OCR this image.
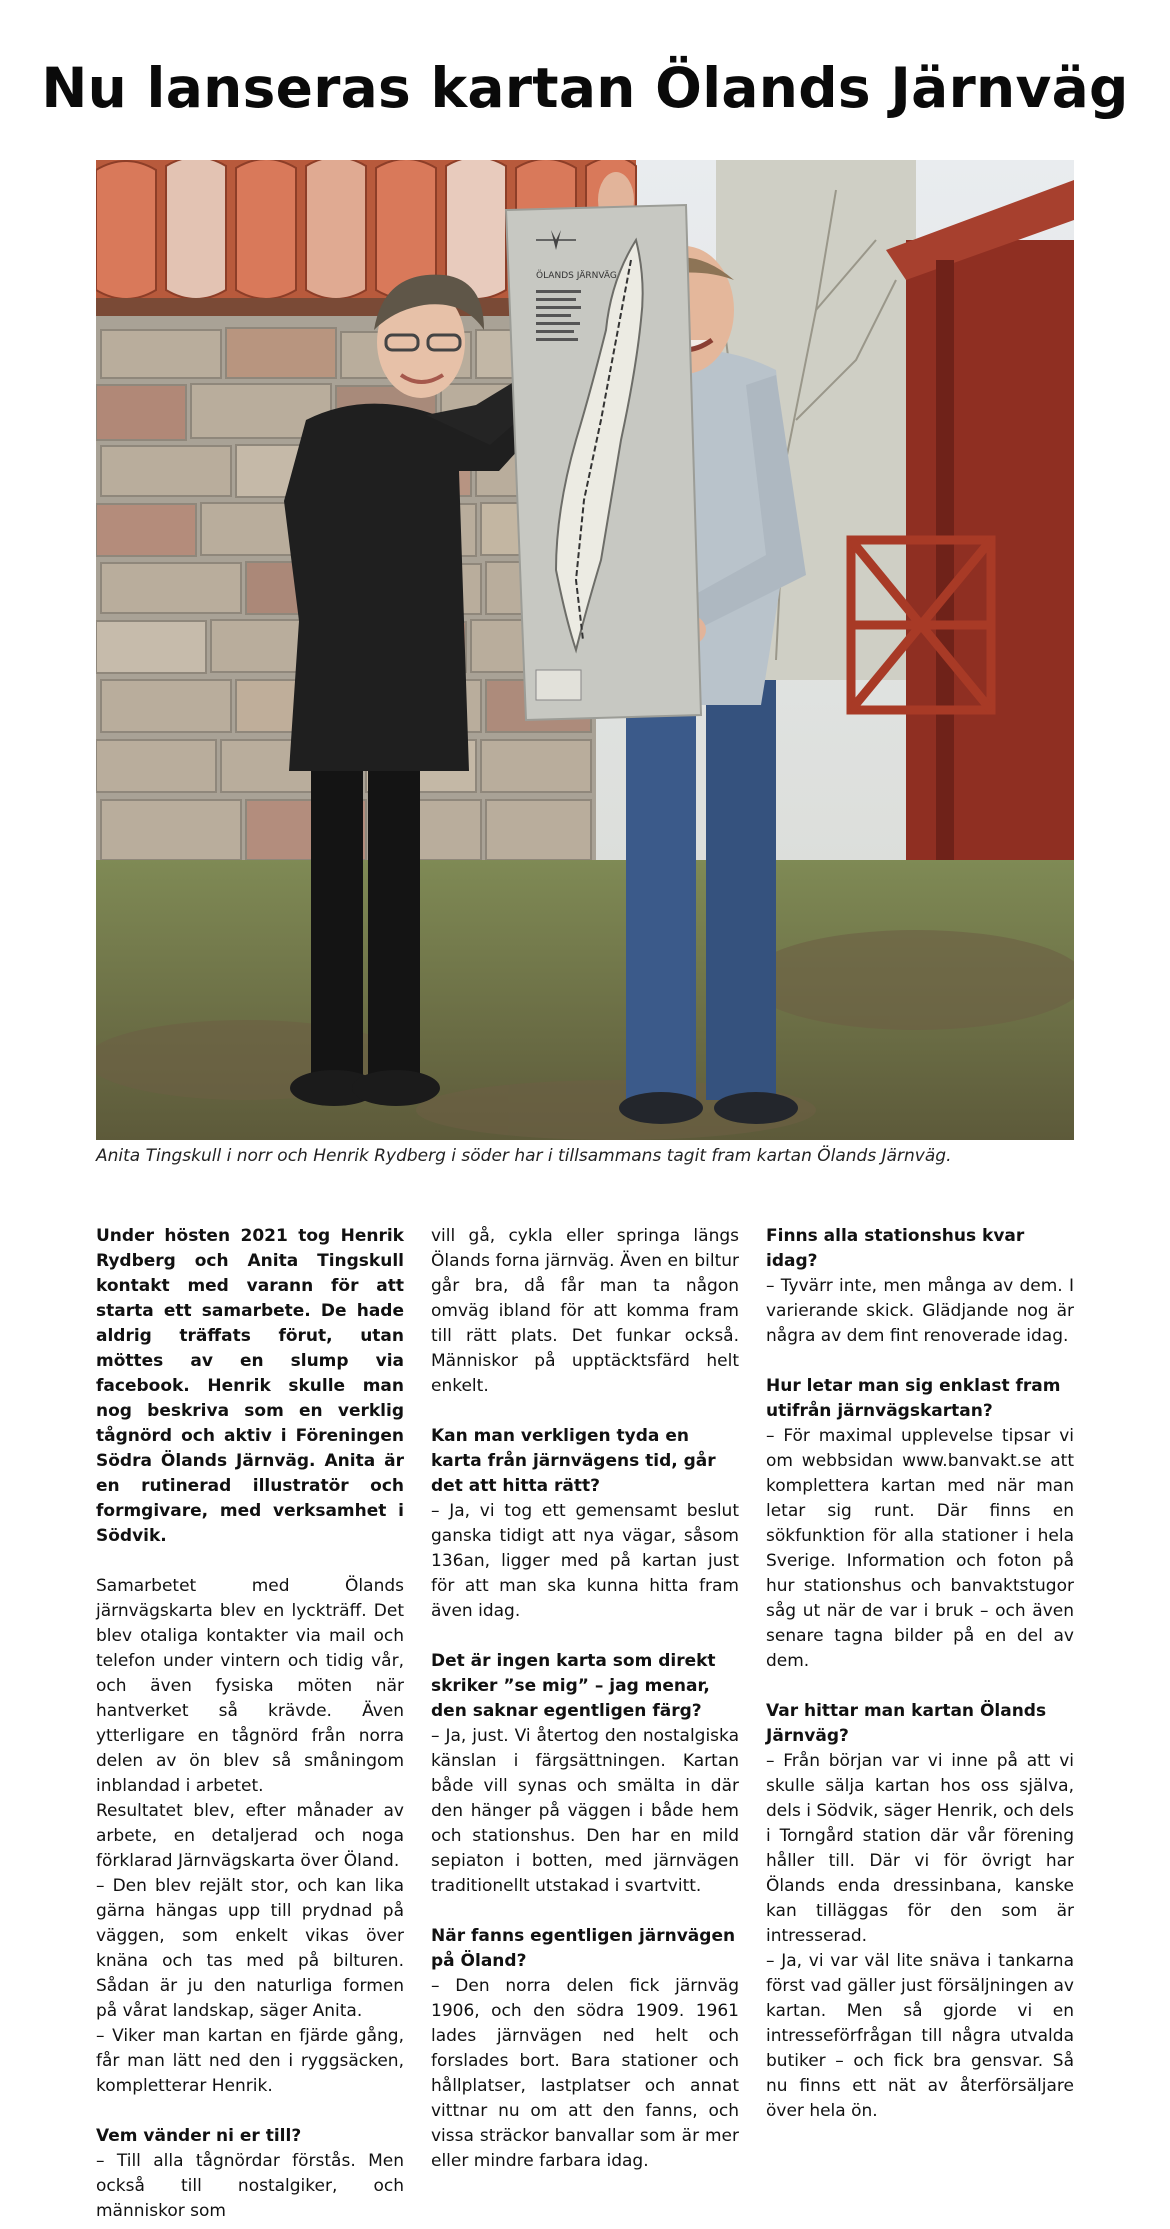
Nu lanseras kartan Ölands Järnväg
ÖLANDS JÄRNVÄG
Anita Tingskull i norr och Henrik Rydberg i söder har i tillsammans tagit fram kartan Ölands Järnväg.

Under hösten 2021 tog Henrik Rydberg och Anita Tingskull kontakt med varann för att starta ett samarbete. De hade aldrig träffats förut, utan möttes av en slump via facebook. Henrik skulle man nog beskriva som en verklig tågnörd och aktiv i Föreningen Södra Ölands Järnväg. Anita är en rutinerad illustratör och formgivare, med verksamhet i Södvik.

Samarbetet med Ölands järnvägskarta blev en lyckträff. Det blev otaliga kontakter via mail och telefon under vintern och tidig vår, och även fysiska möten när hantverket så krävde. Även ytterligare en tågnörd från norra delen av ön blev så småningom inblandad i arbetet.

Resultatet blev, efter månader av arbete, en detaljerad och noga förklarad Järnvägskarta över Öland.

– Den blev rejält stor, och kan lika gärna hängas upp till prydnad på väggen, som enkelt vikas över knäna och tas med på bilturen. Sådan är ju den naturliga formen på vårat landskap, säger Anita.

– Viker man kartan en fjärde gång, får man lätt ned den i ryggsäcken, kompletterar Henrik.

Vem vänder ni er till?

– Till alla tågnördar förstås. Men också till nostalgiker, och människor som

vill gå, cykla eller springa längs Ölands forna järnväg. Även en biltur går bra, då får man ta någon omväg ibland för att komma fram till rätt plats. Det funkar också. Människor på upptäcktsfärd helt enkelt.

Kan man verkligen tyda en karta från järnvägens tid, går det att hitta rätt?

– Ja, vi tog ett gemensamt beslut ganska tidigt att nya vägar, såsom 136an, ligger med på kartan just för att man ska kunna hitta fram även idag.

Det är ingen karta som direkt skriker ”se mig” – jag menar, den saknar egentligen färg?

– Ja, just. Vi återtog den nostalgiska känslan i färgsättningen. Kartan både vill synas och smälta in där den hänger på väggen i både hem och stationshus. Den har en mild sepiaton i botten, med järnvägen traditionellt utstakad i svartvitt.

När fanns egentligen järnvägen på Öland?

– Den norra delen fick järnväg 1906, och den södra 1909. 1961 lades järnvägen ned helt och forslades bort. Bara stationer och hållplatser, lastplatser och annat vittnar nu om att den fanns, och vissa sträckor banvallar som är mer eller mindre farbara idag.

Finns alla stationshus kvar idag?

– Tyvärr inte, men många av dem. I varierande skick. Glädjande nog är några av dem fint renoverade idag.

Hur letar man sig enklast fram utifrån järnvägskartan?

– För maximal upplevelse tipsar vi om webbsidan www.banvakt.se att komplettera kartan med när man letar sig runt. Där finns en sökfunktion för alla stationer i hela Sverige. Information och foton på hur stationshus och banvaktstugor såg ut när de var i bruk – och även senare tagna bilder på en del av dem.

Var hittar man kartan Ölands Järnväg?

– Från början var vi inne på att vi skulle sälja kartan hos oss själva, dels i Södvik, säger Henrik, och dels i Torngård station där vår förening håller till. Där vi för övrigt har Ölands enda dressinbana, kanske kan tilläggas för den som är intresserad.

– Ja, vi var väl lite snäva i tankarna först vad gäller just försäljningen av kartan. Men så gjorde vi en intresseförfrågan till några utvalda butiker – och fick bra gensvar. Så nu finns ett nät av återförsäljare över hela ön.
